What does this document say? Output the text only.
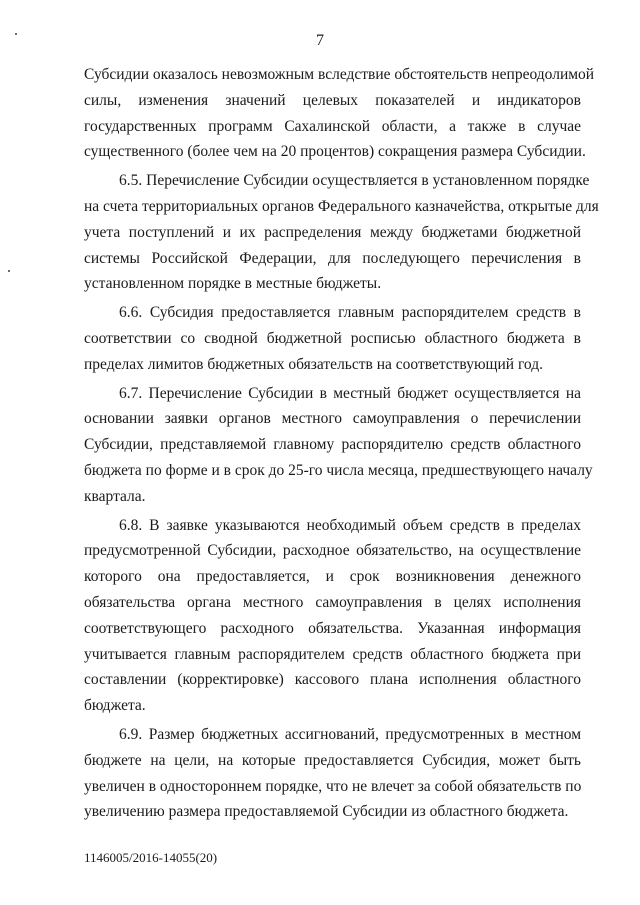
7
Субсидии оказалось невозможным вследствие обстоятельств непреодолимой
силы, изменения значений целевых показателей и индикаторов
государственных программ Сахалинской области, а также в случае
существенного (более чем на 20 процентов) сокращения размера Субсидии.
6.5. Перечисление Субсидии осуществляется в установленном порядке
на счета территориальных органов Федерального казначейства, открытые для
учета поступлений и их распределения между бюджетами бюджетной
системы Российской Федерации, для последующего перечисления в
установленном порядке в местные бюджеты.
6.6. Субсидия предоставляется главным распорядителем средств в
соответствии со сводной бюджетной росписью областного бюджета в
пределах лимитов бюджетных обязательств на соответствующий год.
6.7. Перечисление Субсидии в местный бюджет осуществляется на
основании заявки органов местного самоуправления о перечислении
Субсидии, представляемой главному распорядителю средств областного
бюджета по форме и в срок до 25-го числа месяца, предшествующего началу
квартала.
6.8. В заявке указываются необходимый объем средств в пределах
предусмотренной Субсидии, расходное обязательство, на осуществление
которого она предоставляется, и срок возникновения денежного
обязательства органа местного самоуправления в целях исполнения
соответствующего расходного обязательства. Указанная информация
учитывается главным распорядителем средств областного бюджета при
составлении (корректировке) кассового плана исполнения областного
бюджета.
6.9. Размер бюджетных ассигнований, предусмотренных в местном
бюджете на цели, на которые предоставляется Субсидия, может быть
увеличен в одностороннем порядке, что не влечет за собой обязательств по
увеличению размера предоставляемой Субсидии из областного бюджета.
1146005/2016-14055(20)
